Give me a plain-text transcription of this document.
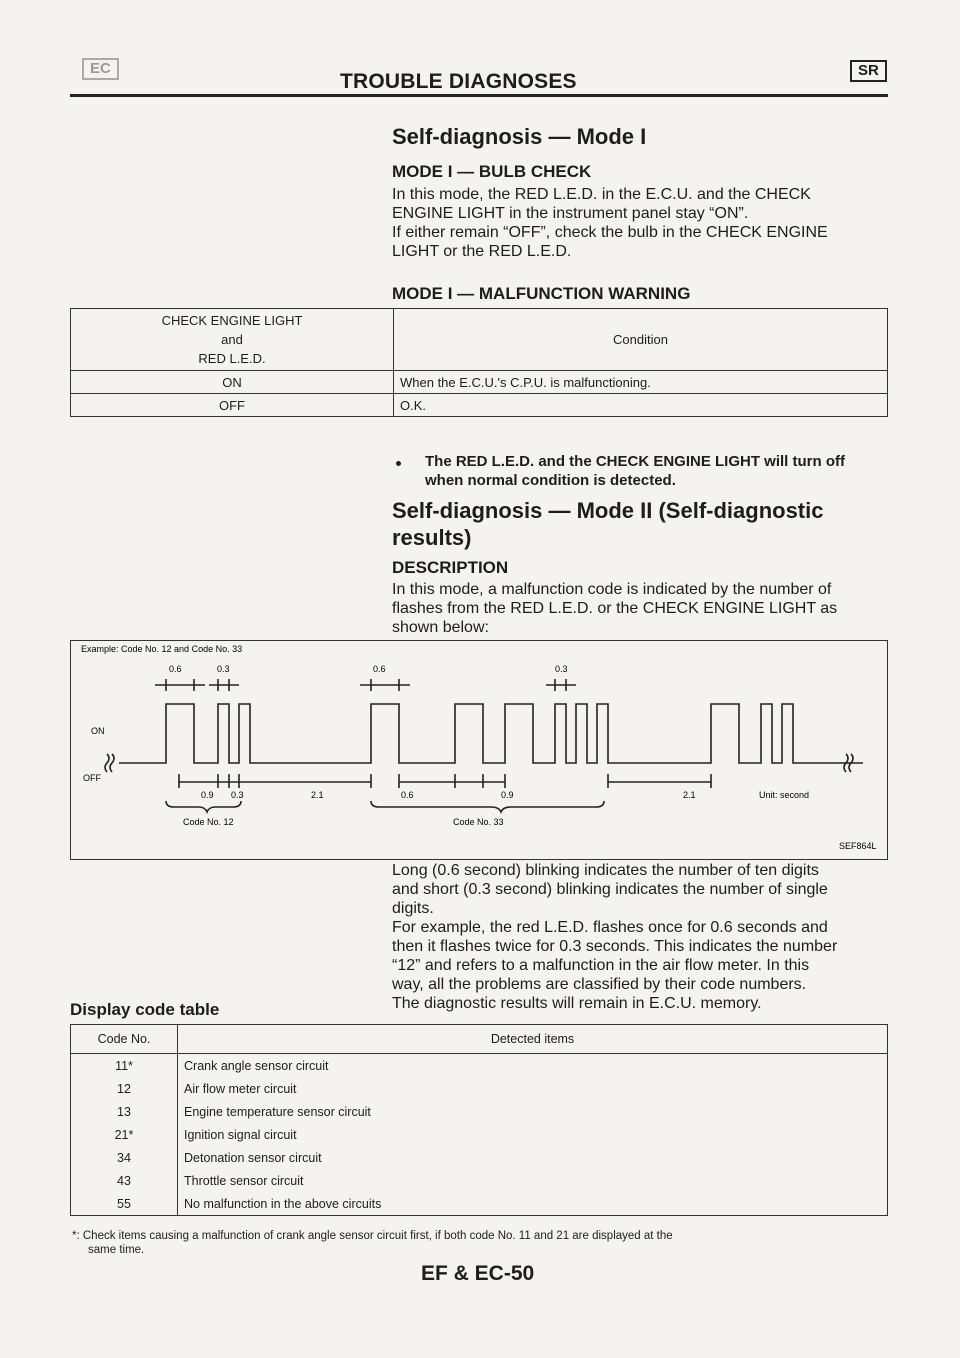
EC
TROUBLE DIAGNOSES	SR
Self-diagnosis — Mode I
MODE I — BULB CHECK
In this mode, the RED L.E.D. in the E.C.U. and the CHECK
ENGINE LIGHT in the instrument panel stay “ON”.
If either remain “OFF”, check the bulb in the CHECK ENGINE
LIGHT or the RED L.E.D.
MODE I — MALFUNCTION WARNING
CHECK ENGINE LIGHT
and
RED L.E.D.	Condition
ON	When the E.C.U.'s C.P.U. is malfunctioning.
OFF	O.K.
The RED L.E.D. and the CHECK ENGINE LIGHT will turn off
when normal condition is detected.
Self-diagnosis — Mode II (Self-diagnostic
results)
DESCRIPTION
In this mode, a malfunction code is indicated by the number of
flashes from the RED L.E.D. or the CHECK ENGINE LIGHT as
shown below:
Example: Code No. 12 and Code No. 33
ON
OFF
0.6	0.3	0.6	0.3
0.9 0.3	2.1	0.6	0.9	2.1	Unit: second
Code No. 12	Code No. 33
SEF864L
Long (0.6 second) blinking indicates the number of ten digits
and short (0.3 second) blinking indicates the number of single
digits.
For example, the red L.E.D. flashes once for 0.6 seconds and
then it flashes twice for 0.3 seconds. This indicates the number
“12” and refers to a malfunction in the air flow meter. In this
way, all the problems are classified by their code numbers.
The diagnostic results will remain in E.C.U. memory.
Display code table
Code No.	Detected items
11*	Crank angle sensor circuit
12	Air flow meter circuit
13	Engine temperature sensor circuit
21*	Ignition signal circuit
34	Detonation sensor circuit
43	Throttle sensor circuit
55	No malfunction in the above circuits
*: Check items causing a malfunction of crank angle sensor circuit first, if both code No. 11 and 21 are displayed at the
same time.
EF & EC-50
